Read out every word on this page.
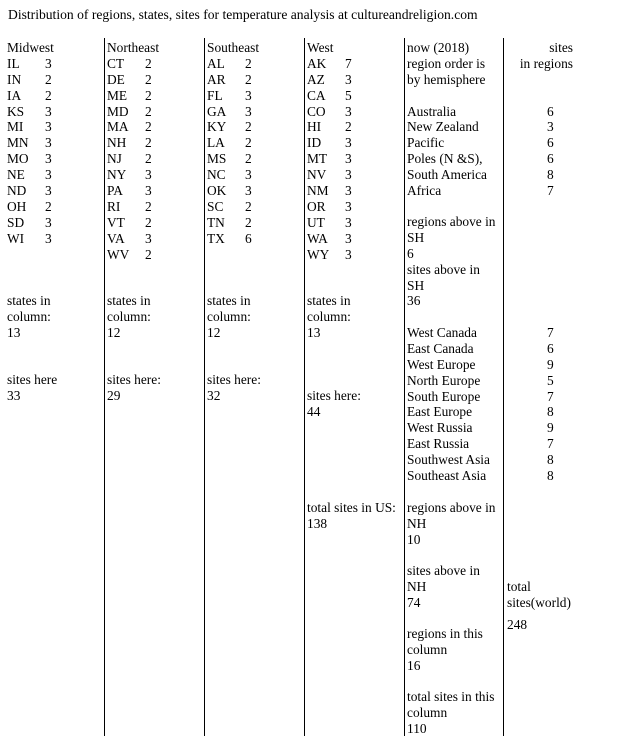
Distribution of regions, states, sites for temperature analysis at cultureandreligion.com
Midwest
IL	3
IN	2
IA	2
KS	3
MI	3
MN	3
MO	3
NE	3
ND	3
OH	2
SD	3
WI	3
states in
column:
13
sites here
33
Northeast
CT	2
DE	2
ME	2
MD	2
MA	2
NH	2
NJ	2
NY	3
PA	3
RI	2
VT	2
VA	3
WV	2
states in
column:
12
sites here:
29
Southeast
AL	2
AR	2
FL	3
GA	3
KY	2
LA	2
MS	2
NC	3
OK	3
SC	2
TN	2
TX	6
states in
column:
12
sites here:
32
West
AK	7
AZ	3
CA	5
CO	3
HI	2
ID	3
MT	3
NV	3
NM	3
OR	3
UT	3
WA	3
WY	3
states in
column:
13
sites here:
44
total sites in US:
138
now (2018)
region order is
by hemisphere
sites
in regions
Australia	6
New Zealand	3
Pacific	6
Poles (N &S),	6
South America	8
Africa	7
regions above in
SH
6
sites above in
SH
36
West Canada	7
East Canada	6
West Europe	9
North Europe	5
South Europe	7
East Europe	8
West Russia	9
East Russia	7
Southwest Asia	8
Southeast Asia	8
regions above in
NH
10
sites above in
NH
74
total
sites(world)
248
regions in this
column
16
total sites in this
column
110
